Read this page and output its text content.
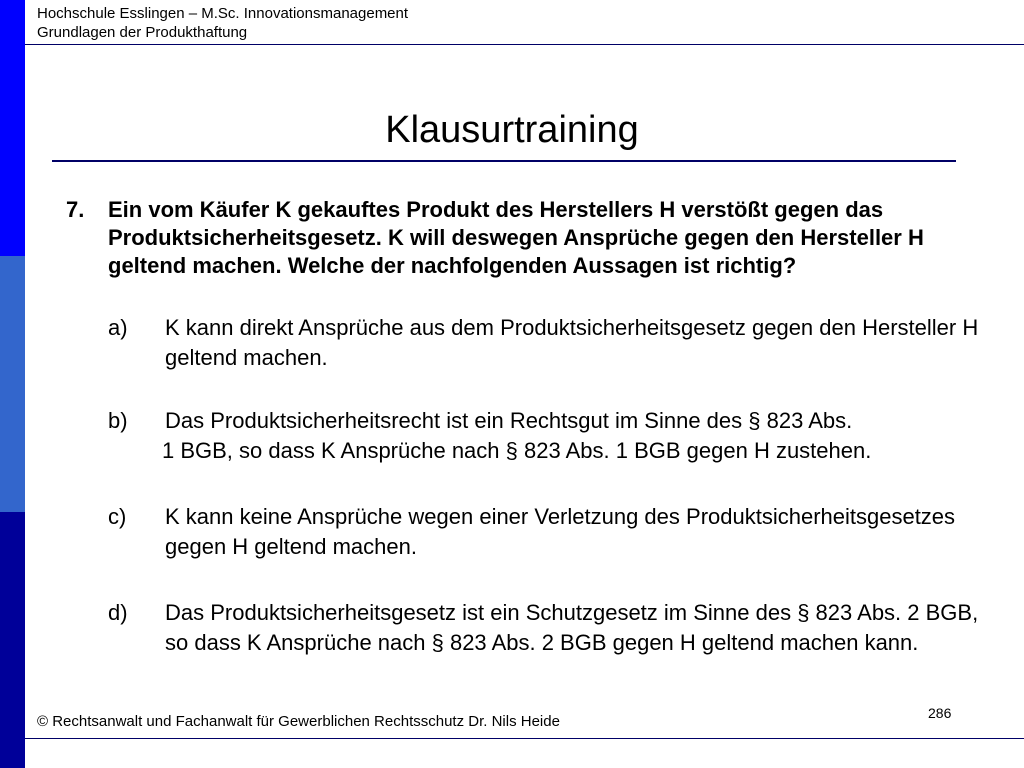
Hochschule Esslingen – M.Sc. Innovationsmanagement
Grundlagen der Produkthaftung
Klausurtraining
7. Ein vom Käufer K gekauftes Produkt des Herstellers H verstößt gegen das Produktsicherheitsgesetz. K will deswegen Ansprüche gegen den Hersteller H geltend machen. Welche der nachfolgenden Aussagen ist richtig?
a) K kann direkt Ansprüche aus dem Produktsicherheitsgesetz gegen den Hersteller H geltend machen.
b) Das Produktsicherheitsrecht ist ein Rechtsgut im Sinne des § 823 Abs.
1 BGB, so dass K Ansprüche nach § 823 Abs. 1 BGB gegen H zustehen.
c) K kann keine Ansprüche wegen einer Verletzung des Produktsicherheitsgesetzes gegen H geltend machen.
d) Das Produktsicherheitsgesetz ist ein Schutzgesetz im Sinne des § 823 Abs. 2 BGB, so dass K Ansprüche nach § 823 Abs. 2 BGB gegen H geltend machen kann.
286
© Rechtsanwalt und Fachanwalt für Gewerblichen Rechtsschutz Dr. Nils Heide
